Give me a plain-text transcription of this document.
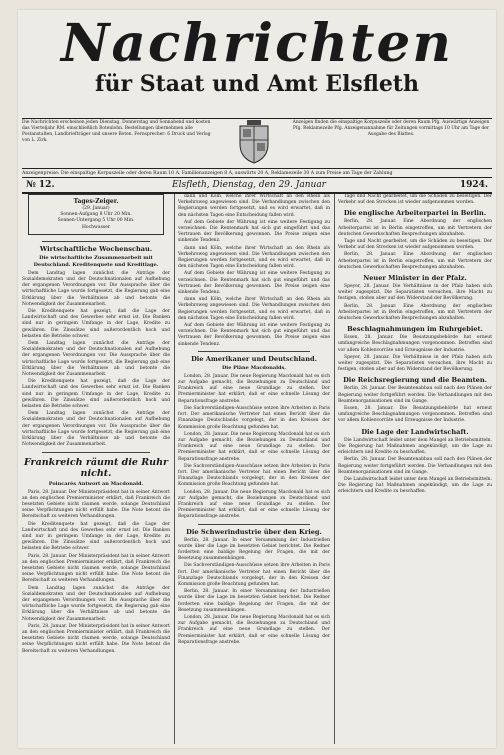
Nachrichten
für Staat und Amt Elsfleth
Die Nachrichten erscheinen jeden Dienstag, Donnerstag und Sonnabend und kosten das Vierteljahr RM. einschließlich Botenlohn. Bestellungen übernehmen alle Postanstalten, Landbriefträger und unsere Boten. Fernsprecher: 6 Druck und Verlag von L. Zirk.
Anzeigen finden die einspaltige Korpuszeile oder deren Raum Pfg. Auswärtige Anzeigen Pfg. Reklamezeile Pfg. Anzeigenannahme für Zeitungen vormittags 10 Uhr am Tage der Ausgabe des Blattes.
Anzeigenpreise: Die einspaltige Korpuszeile oder deren Raum 10 A, Familienanzeigen 8 A, auswärts 20 A, Reklamezeile 30 A zum Preise am Tage der Zahlung
№ 12.	Elsfleth, Dienstag, den 29. Januar	1924.
Tages-Zeiger.
(29. Januar)
Sonnen-Aufgang 8 Uhr 20 Min.
Sonnen-Untergang 5 Uhr 00 Min.
Hochwasser
Wirtschaftliche Wochenschau.
Die wirtschaftliche Zusammenarbeit mit Deutschland. Kreditenquete und Kreditlage.

Dem Landtag lagen zunächst die Anträge der Sozialdemokraten und der Deutschnationalen auf Aufhebung der ergangenen Verordnungen vor. Die Aussprache über die wirtschaftliche Lage wurde fortgesetzt, die Regierung gab eine Erklärung über die Verhältnisse ab und betonte die Notwendigkeit der Zusammenarbeit.

Die Kreditenquete hat gezeigt, daß die Lage der Landwirtschaft und des Gewerbes sehr ernst ist. Die Banken sind nur in geringem Umfange in der Lage, Kredite zu gewähren. Die Zinssätze sind außerordentlich hoch und belasten die Betriebe schwer.

Dem Landtag lagen zunächst die Anträge der Sozialdemokraten und der Deutschnationalen auf Aufhebung der ergangenen Verordnungen vor. Die Aussprache über die wirtschaftliche Lage wurde fortgesetzt, die Regierung gab eine Erklärung über die Verhältnisse ab und betonte die Notwendigkeit der Zusammenarbeit.

Die Kreditenquete hat gezeigt, daß die Lage der Landwirtschaft und des Gewerbes sehr ernst ist. Die Banken sind nur in geringem Umfange in der Lage, Kredite zu gewähren. Die Zinssätze sind außerordentlich hoch und belasten die Betriebe schwer.

Dem Landtag lagen zunächst die Anträge der Sozialdemokraten und der Deutschnationalen auf Aufhebung der ergangenen Verordnungen vor. Die Aussprache über die wirtschaftliche Lage wurde fortgesetzt, die Regierung gab eine Erklärung über die Verhältnisse ab und betonte die Notwendigkeit der Zusammenarbeit.

Frankreich räumt die Ruhr nicht.
Poincarés Antwort an Macdonald.

Paris, 28. Januar. Der Ministerpräsident hat in seiner Antwort an den englischen Premierminister erklärt, daß Frankreich die besetzten Gebiete nicht räumen werde, solange Deutschland seine Verpflichtungen nicht erfüllt habe. Die Note betont die Bereitschaft zu weiteren Verhandlungen.

Die Kreditenquete hat gezeigt, daß die Lage der Landwirtschaft und des Gewerbes sehr ernst ist. Die Banken sind nur in geringem Umfange in der Lage, Kredite zu gewähren. Die Zinssätze sind außerordentlich hoch und belasten die Betriebe schwer.

Paris, 28. Januar. Der Ministerpräsident hat in seiner Antwort an den englischen Premierminister erklärt, daß Frankreich die besetzten Gebiete nicht räumen werde, solange Deutschland seine Verpflichtungen nicht erfüllt habe. Die Note betont die Bereitschaft zu weiteren Verhandlungen.

Dem Landtag lagen zunächst die Anträge der Sozialdemokraten und der Deutschnationalen auf Aufhebung der ergangenen Verordnungen vor. Die Aussprache über die wirtschaftliche Lage wurde fortgesetzt, die Regierung gab eine Erklärung über die Verhältnisse ab und betonte die Notwendigkeit der Zusammenarbeit.

Paris, 28. Januar. Der Ministerpräsident hat in seiner Antwort an den englischen Premierminister erklärt, daß Frankreich die besetzten Gebiete nicht räumen werde, solange Deutschland seine Verpflichtungen nicht erfüllt habe. Die Note betont die Bereitschaft zu weiteren Verhandlungen.

dann und Köln, welche ihrer Wirtschaft an den Rhein als Verkehrsweg angewiesen sind. Die Verhandlungen zwischen den Regierungen werden fortgesetzt, und es wird erwartet, daß in den nächsten Tagen eine Entscheidung fallen wird.

Auf dem Gebiete der Währung ist eine weitere Festigung zu verzeichnen. Die Rentenmark hat sich gut eingeführt und das Vertrauen der Bevölkerung gewonnen. Die Preise zeigen eine sinkende Tendenz.

dann und Köln, welche ihrer Wirtschaft an den Rhein als Verkehrsweg angewiesen sind. Die Verhandlungen zwischen den Regierungen werden fortgesetzt, und es wird erwartet, daß in den nächsten Tagen eine Entscheidung fallen wird.

Auf dem Gebiete der Währung ist eine weitere Festigung zu verzeichnen. Die Rentenmark hat sich gut eingeführt und das Vertrauen der Bevölkerung gewonnen. Die Preise zeigen eine sinkende Tendenz.

dann und Köln, welche ihrer Wirtschaft an den Rhein als Verkehrsweg angewiesen sind. Die Verhandlungen zwischen den Regierungen werden fortgesetzt, und es wird erwartet, daß in den nächsten Tagen eine Entscheidung fallen wird.

Auf dem Gebiete der Währung ist eine weitere Festigung zu verzeichnen. Die Rentenmark hat sich gut eingeführt und das Vertrauen der Bevölkerung gewonnen. Die Preise zeigen eine sinkende Tendenz.

Die Amerikaner und Deutschland.
Die Pläne Macdonalds.

London, 28. Januar. Die neue Regierung Macdonald hat es sich zur Aufgabe gemacht, die Beziehungen zu Deutschland und Frankreich auf eine neue Grundlage zu stellen. Der Premierminister hat erklärt, daß er eine schnelle Lösung der Reparationsfrage anstrebe.

Die Sachverständigen-Ausschüsse setzen ihre Arbeiten in Paris fort. Der amerikanische Vertreter hat einen Bericht über die Finanzlage Deutschlands vorgelegt, der in den Kreisen der Kommission große Beachtung gefunden hat.

London, 28. Januar. Die neue Regierung Macdonald hat es sich zur Aufgabe gemacht, die Beziehungen zu Deutschland und Frankreich auf eine neue Grundlage zu stellen. Der Premierminister hat erklärt, daß er eine schnelle Lösung der Reparationsfrage anstrebe.

Die Sachverständigen-Ausschüsse setzen ihre Arbeiten in Paris fort. Der amerikanische Vertreter hat einen Bericht über die Finanzlage Deutschlands vorgelegt, der in den Kreisen der Kommission große Beachtung gefunden hat.

London, 28. Januar. Die neue Regierung Macdonald hat es sich zur Aufgabe gemacht, die Beziehungen zu Deutschland und Frankreich auf eine neue Grundlage zu stellen. Der Premierminister hat erklärt, daß er eine schnelle Lösung der Reparationsfrage anstrebe.

Die Schwerindustrie über den Krieg.

Berlin, 28. Januar. In einer Versammlung der Industriellen wurde über die Lage im besetzten Gebiet berichtet. Die Redner forderten eine baldige Regelung der Fragen, die mit der Besetzung zusammenhängen.

Die Sachverständigen-Ausschüsse setzen ihre Arbeiten in Paris fort. Der amerikanische Vertreter hat einen Bericht über die Finanzlage Deutschlands vorgelegt, der in den Kreisen der Kommission große Beachtung gefunden hat.

Berlin, 28. Januar. In einer Versammlung der Industriellen wurde über die Lage im besetzten Gebiet berichtet. Die Redner forderten eine baldige Regelung der Fragen, die mit der Besetzung zusammenhängen.

London, 28. Januar. Die neue Regierung Macdonald hat es sich zur Aufgabe gemacht, die Beziehungen zu Deutschland und Frankreich auf eine neue Grundlage zu stellen. Der Premierminister hat erklärt, daß er eine schnelle Lösung der Reparationsfrage anstrebe.

Tage und Nacht gearbeitet, um die Schäden zu beseitigen. Der Verkehr auf den Strecken ist wieder aufgenommen worden.

Die englische Arbeiterpartei in Berlin.

Berlin, 28. Januar. Eine Abordnung der englischen Arbeiterpartei ist in Berlin eingetroffen, um mit Vertretern der deutschen Gewerkschaften Besprechungen abzuhalten.

Tage und Nacht gearbeitet, um die Schäden zu beseitigen. Der Verkehr auf den Strecken ist wieder aufgenommen worden.

Berlin, 28. Januar. Eine Abordnung der englischen Arbeiterpartei ist in Berlin eingetroffen, um mit Vertretern der deutschen Gewerkschaften Besprechungen abzuhalten.

Neuer Minister in der Pfalz.

Speyer, 28. Januar. Die Verhältnisse in der Pfalz haben sich weiter zugespitzt. Die Separatisten versuchen, ihre Macht zu festigen, stoßen aber auf den Widerstand der Bevölkerung.

Berlin, 28. Januar. Eine Abordnung der englischen Arbeiterpartei ist in Berlin eingetroffen, um mit Vertretern der deutschen Gewerkschaften Besprechungen abzuhalten.

Beschlagnahmungen im Ruhrgebiet.

Essen, 28. Januar. Die Besatzungsbehörde hat erneut umfangreiche Beschlagnahmungen vorgenommen. Betroffen sind vor allem Kohlenvorräte und Erzeugnisse der Industrie.

Speyer, 28. Januar. Die Verhältnisse in der Pfalz haben sich weiter zugespitzt. Die Separatisten versuchen, ihre Macht zu festigen, stoßen aber auf den Widerstand der Bevölkerung.

Die Reichsregierung und die Beamten.

Berlin, 28. Januar. Der Beamtenabbau soll nach den Plänen der Regierung weiter fortgeführt werden. Die Verhandlungen mit den Beamtenorganisationen sind im Gange.

Essen, 28. Januar. Die Besatzungsbehörde hat erneut umfangreiche Beschlagnahmungen vorgenommen. Betroffen sind vor allem Kohlenvorräte und Erzeugnisse der Industrie.

Die Lage der Landwirtschaft.

Die Landwirtschaft leidet unter dem Mangel an Betriebsmitteln. Die Regierung hat Maßnahmen angekündigt, um die Lage zu erleichtern und Kredite zu beschaffen.

Berlin, 28. Januar. Der Beamtenabbau soll nach den Plänen der Regierung weiter fortgeführt werden. Die Verhandlungen mit den Beamtenorganisationen sind im Gange.

Die Landwirtschaft leidet unter dem Mangel an Betriebsmitteln. Die Regierung hat Maßnahmen angekündigt, um die Lage zu erleichtern und Kredite zu beschaffen.
